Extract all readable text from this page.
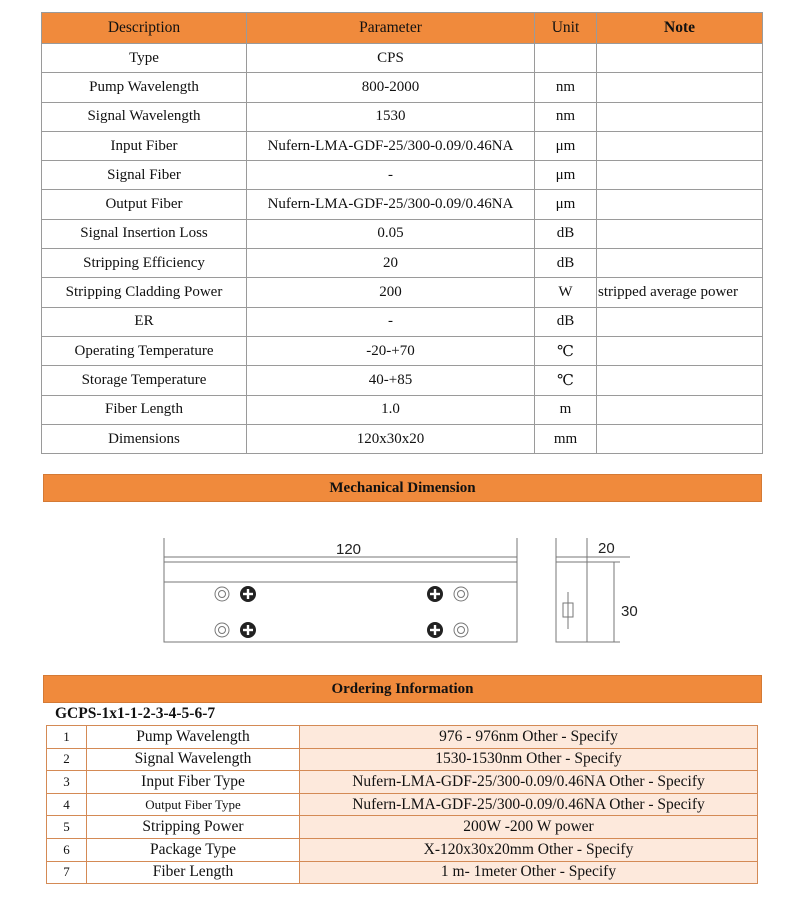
Description	Parameter	Unit	Note
Type	CPS		
Pump Wavelength	800-2000	nm	
Signal Wavelength	1530	nm	
Input Fiber	Nufern-LMA-GDF-25/300-0.09/0.46NA	μm	
Signal Fiber	-	μm	
Output Fiber	Nufern-LMA-GDF-25/300-0.09/0.46NA	μm	
Signal Insertion Loss	0.05	dB	
Stripping Efficiency	20	dB	
Stripping Cladding Power	200	W	stripped average power
ER	-	dB	
Operating Temperature	-20-+70	℃	
Storage Temperature	40-+85	℃	
Fiber Length	1.0	m	
Dimensions	120x30x20	mm	
Mechanical Dimension
120	20
30
Ordering Information
GCPS-1x1-1-2-3-4-5-6-7
1	Pump Wavelength	976 - 976nm Other - Specify
2	Signal Wavelength	1530-1530nm Other - Specify
3	Input Fiber Type	Nufern-LMA-GDF-25/300-0.09/0.46NA Other - Specify
4	Output Fiber Type	Nufern-LMA-GDF-25/300-0.09/0.46NA Other - Specify
5	Stripping Power	200W -200 W power
6	Package Type	X-120x30x20mm Other - Specify
7	Fiber Length	1 m- 1meter Other - Specify
